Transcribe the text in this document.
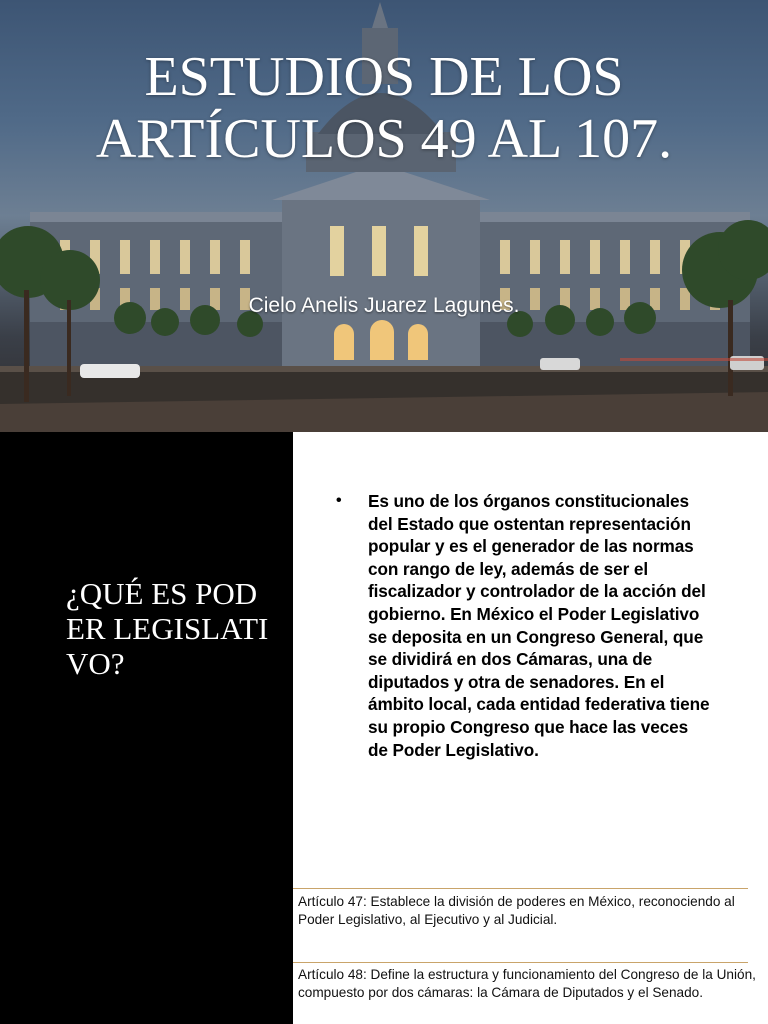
ESTUDIOS DE LOS ARTÍCULOS 49 AL 107.
Cielo Anelis Juarez Lagunes.
¿QUÉ ES PODER LEGISLATIVO?
• Es uno de los órganos constitucionales del Estado que ostentan representación popular y es el generador de las normas con rango de ley, además de ser el fiscalizador y controlador de la acción del gobierno. En México el Poder Legislativo se deposita en un Congreso General, que se dividirá en dos Cámaras, una de diputados y otra de senadores. En el ámbito local, cada entidad federativa tiene su propio Congreso que hace las veces de Poder Legislativo.
Artículo 47: Establece la división de poderes en México, reconociendo al Poder Legislativo, al Ejecutivo y al Judicial.
Artículo 48: Define la estructura y funcionamiento del Congreso de la Unión, compuesto por dos cámaras: la Cámara de Diputados y el Senado.
